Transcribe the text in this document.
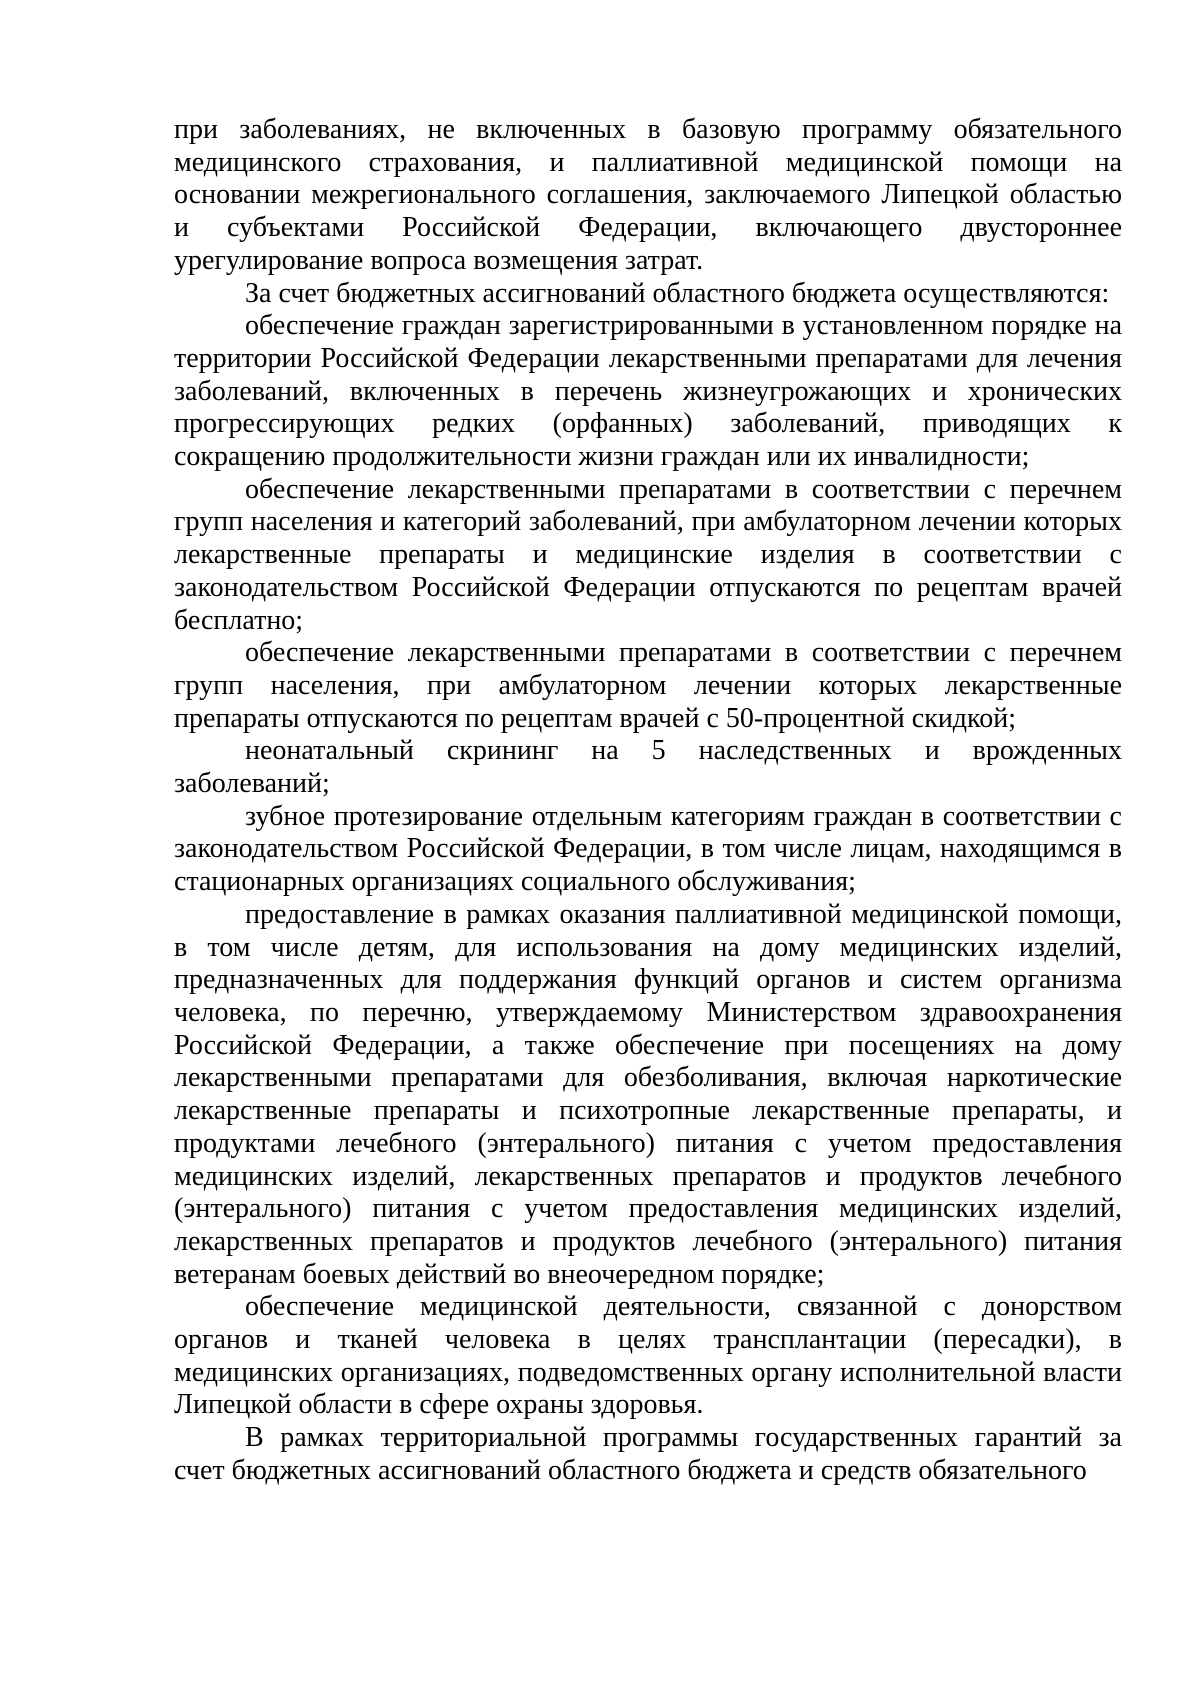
при заболеваниях, не включенных в базовую программу обязательного медицинского страхования, и паллиативной медицинской помощи на основании межрегионального соглашения, заключаемого Липецкой областью и субъектами Российской Федерации, включающего двустороннее урегулирование вопроса возмещения затрат.

За счет бюджетных ассигнований областного бюджета осуществляются:

обеспечение граждан зарегистрированными в установленном порядке на территории Российской Федерации лекарственными препаратами для лечения заболеваний, включенных в перечень жизнеугрожающих и хронических прогрессирующих редких (орфанных) заболеваний, приводящих к сокращению продолжительности жизни граждан или их инвалидности;

обеспечение лекарственными препаратами в соответствии с перечнем групп населения и категорий заболеваний, при амбулаторном лечении которых лекарственные препараты и медицинские изделия в соответствии с законодательством Российской Федерации отпускаются по рецептам врачей бесплатно;

обеспечение лекарственными препаратами в соответствии с перечнем групп населения, при амбулаторном лечении которых лекарственные препараты отпускаются по рецептам врачей с 50-процентной скидкой;

неонатальный скрининг на 5 наследственных и врожденных заболеваний;

зубное протезирование отдельным категориям граждан в соответствии с законодательством Российской Федерации, в том числе лицам, находящимся в стационарных организациях социального обслуживания;

предоставление в рамках оказания паллиативной медицинской помощи, в том числе детям, для использования на дому медицинских изделий, предназначенных для поддержания функций органов и систем организма человека, по перечню, утверждаемому Министерством здравоохранения Российской Федерации, а также обеспечение при посещениях на дому лекарственными препаратами для обезболивания, включая наркотические лекарственные препараты и психотропные лекарственные препараты, и продуктами лечебного (энтерального) питания с учетом предоставления медицинских изделий, лекарственных препаратов и продуктов лечебного (энтерального) питания с учетом предоставления медицинских изделий, лекарственных препаратов и продуктов лечебного (энтерального) питания ветеранам боевых действий во внеочередном порядке;

обеспечение медицинской деятельности, связанной с донорством органов и тканей человека в целях трансплантации (пересадки), в медицинских организациях, подведомственных органу исполнительной власти Липецкой области в сфере охраны здоровья.

В рамках территориальной программы государственных гарантий за счет бюджетных ассигнований областного бюджета и средств обязательного
